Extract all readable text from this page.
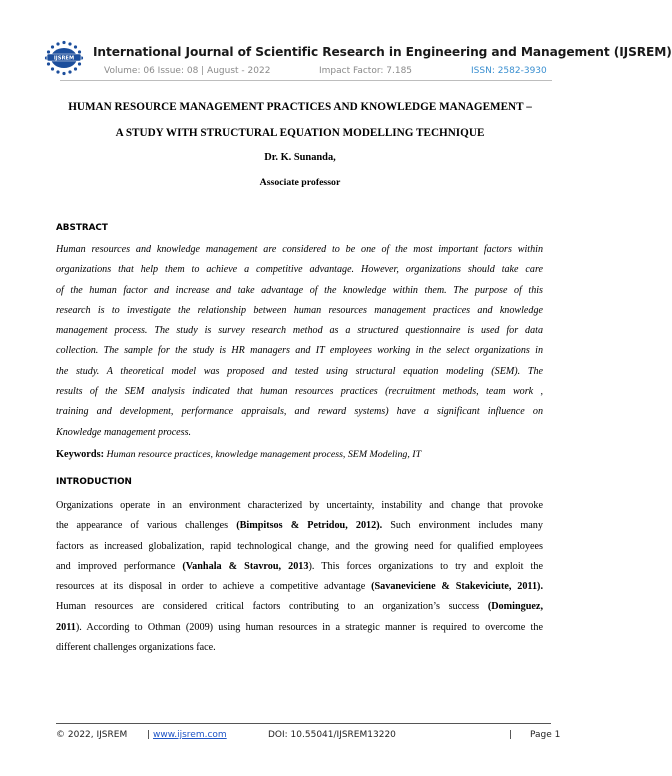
IJSREM International Journal of Scientific Research in Engineering and Management (IJSREM)
Volume: 06 Issue: 08 | August - 2022	Impact Factor: 7.185	ISSN: 2582-3930
HUMAN RESOURCE MANAGEMENT PRACTICES AND KNOWLEDGE MANAGEMENT –
A STUDY WITH STRUCTURAL EQUATION MODELLING TECHNIQUE
Dr. K. Sunanda,
Associate professor
ABSTRACT
Human resources and knowledge management are considered to be one of the most important factors within
organizations that help them to achieve a competitive advantage. However, organizations should take care
of the human factor and increase and take advantage of the knowledge within them. The purpose of this
research is to investigate the relationship between human resources management practices and knowledge
management process. The study is survey research method as a structured questionnaire is used for data
collection. The sample for the study is HR managers and IT employees working in the select organizations in
the study. A theoretical model was proposed and tested using structural equation modeling (SEM). The
results of the SEM analysis indicated that human resources practices (recruitment methods, team work ,
training and development, performance appraisals, and reward systems) have a significant influence on
Knowledge management process.
Keywords: Human resource practices, knowledge management process, SEM Modeling, IT
INTRODUCTION
Organizations operate in an environment characterized by uncertainty, instability and change that provoke
the appearance of various challenges (Bimpitsos & Petridou, 2012). Such environment includes many
factors as increased globalization, rapid technological change, and the growing need for qualified employees
and improved performance (Vanhala & Stavrou, 2013). This forces organizations to try and exploit the
resources at its disposal in order to achieve a competitive advantage (Savaneviciene & Stakeviciute, 2011).
Human resources are considered critical factors contributing to an organization’s success (Dominguez,
2011). According to Othman (2009) using human resources in a strategic manner is required to overcome the
different challenges organizations face.
© 2022, IJSREM | www.ijsrem.com	DOI: 10.55041/IJSREM13220	| Page 1
